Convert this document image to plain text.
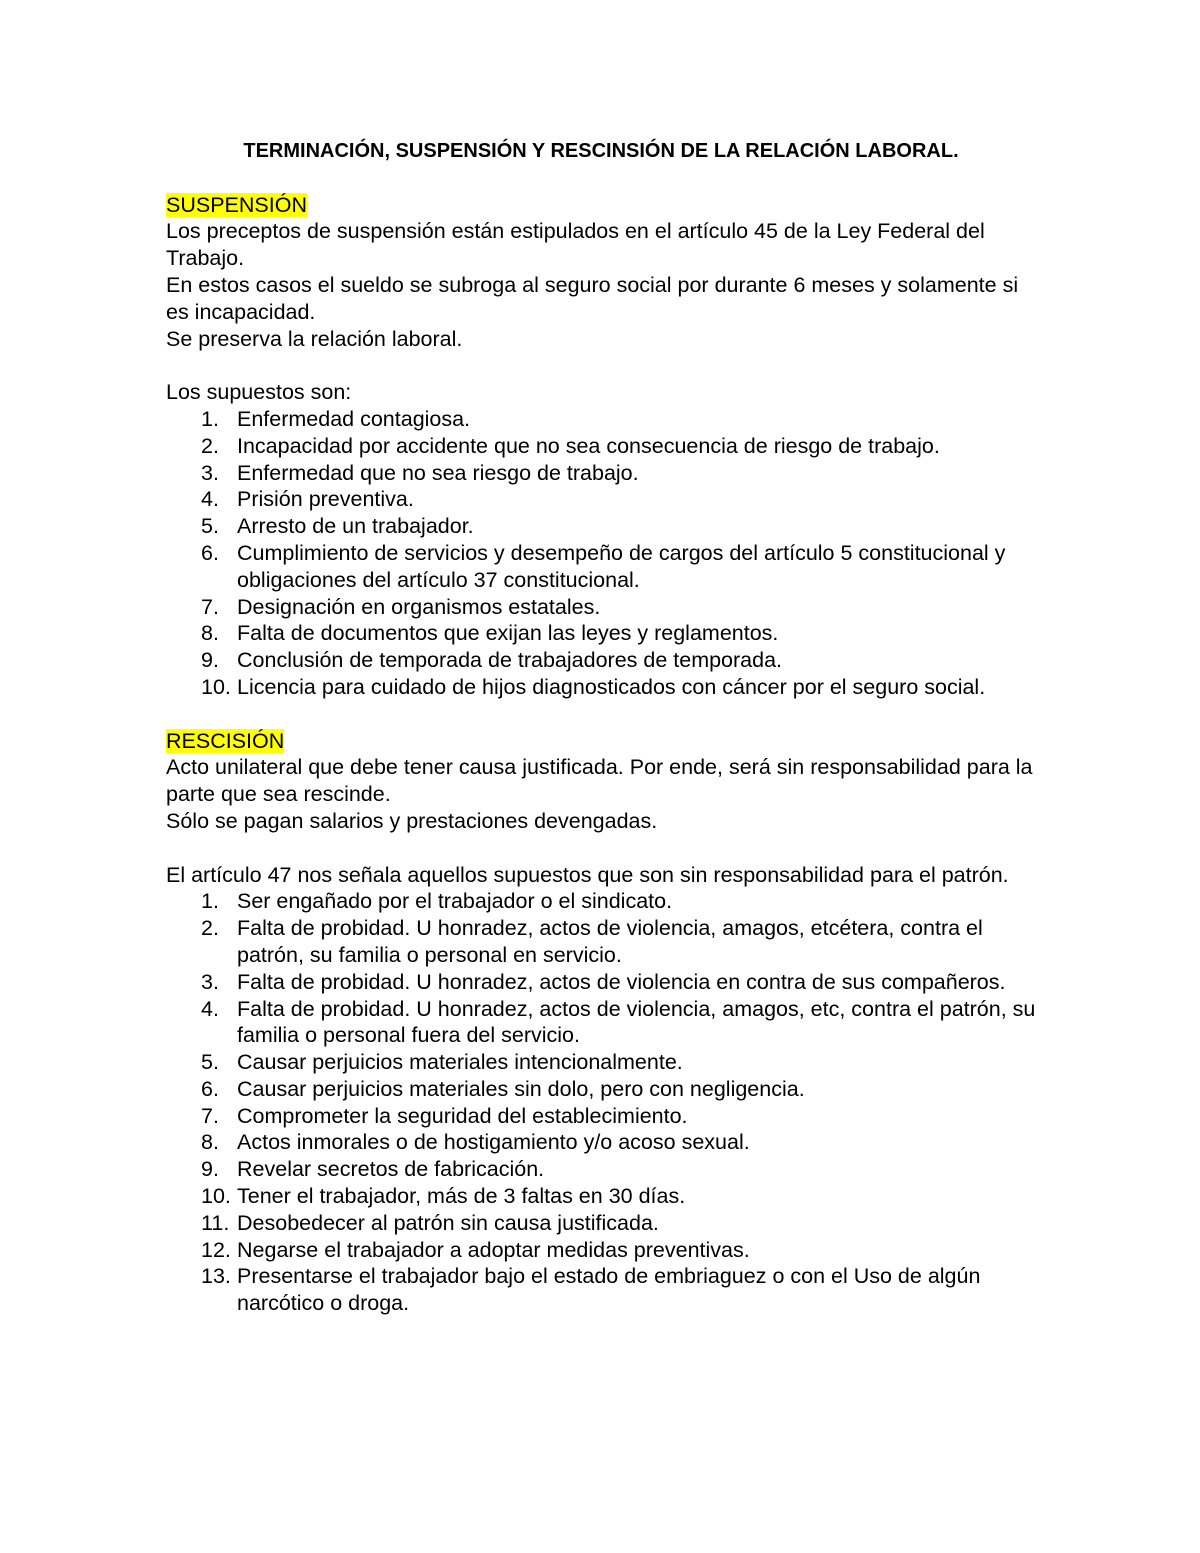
TERMINACIÓN, SUSPENSIÓN Y RESCINSIÓN DE LA RELACIÓN LABORAL.

SUSPENSIÓN

Los preceptos de suspensión están estipulados en el artículo 45 de la Ley Federal del Trabajo.

En estos casos el sueldo se subroga al seguro social por durante 6 meses y solamente si es incapacidad.

Se preserva la relación laboral.

Los supuestos son:

1. Enfermedad contagiosa.
2. Incapacidad por accidente que no sea consecuencia de riesgo de trabajo.
3. Enfermedad que no sea riesgo de trabajo.
4. Prisión preventiva.
5. Arresto de un trabajador.
6. Cumplimiento de servicios y desempeño de cargos del artículo 5 constitucional y obligaciones del artículo 37 constitucional.
7. Designación en organismos estatales.
8. Falta de documentos que exijan las leyes y reglamentos.
9. Conclusión de temporada de trabajadores de temporada.
10. Licencia para cuidado de hijos diagnosticados con cáncer por el seguro social.

RESCISIÓN

Acto unilateral que debe tener causa justificada. Por ende, será sin responsabilidad para la parte que sea rescinde.

Sólo se pagan salarios y prestaciones devengadas.

El artículo 47 nos señala aquellos supuestos que son sin responsabilidad para el patrón.

1. Ser engañado por el trabajador o el sindicato.
2. Falta de probidad. U honradez, actos de violencia, amagos, etcétera, contra el patrón, su familia o personal en servicio.
3. Falta de probidad. U honradez, actos de violencia en contra de sus compañeros.
4. Falta de probidad. U honradez, actos de violencia, amagos, etc, contra el patrón, su familia o personal fuera del servicio.
5. Causar perjuicios materiales intencionalmente.
6. Causar perjuicios materiales sin dolo, pero con negligencia.
7. Comprometer la seguridad del establecimiento.
8. Actos inmorales o de hostigamiento y/o acoso sexual.
9. Revelar secretos de fabricación.
10. Tener el trabajador, más de 3 faltas en 30 días.
11. Desobedecer al patrón sin causa justificada.
12. Negarse el trabajador a adoptar medidas preventivas.
13. Presentarse el trabajador bajo el estado de embriaguez o con el Uso de algún narcótico o droga.
